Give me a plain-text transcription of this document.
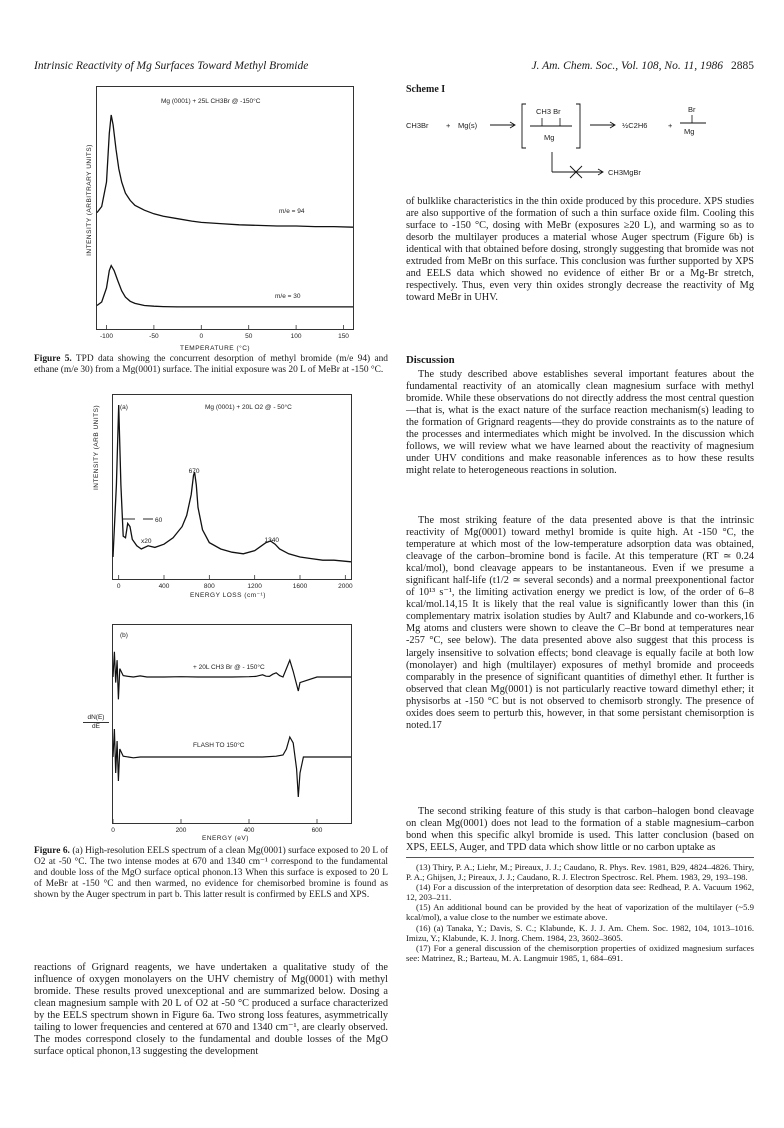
Intrinsic Reactivity of Mg Surfaces Toward Methyl Bromide	J. Am. Chem. Soc., Vol. 108, No. 11, 1986 2885
Mg (0001) + 25L CH3Br @ -150°C
m/e = 94
m/e = 30
-100	-50	0	50	100	150
TEMPERATURE (°C)
INTENSITY (ARBITRARY UNITS)
Figure 5. TPD data showing the concurrent desorption of methyl bromide (m/e 94) and ethane (m/e 30) from a Mg(0001) surface. The initial exposure was 20 L of MeBr at -150 °C.
(a)	Mg (0001) + 20L O2 @ - 50°C
670
1340
60
x20
0	400	800	1200	1600	2000
INTENSITY (ARB UNITS)
ENERGY LOSS (cm⁻¹)
(b)
+ 20L CH3 Br @ - 150°C
FLASH TO 150°C
0	200	400	600
dN(E)
dE
ENERGY (eV)
Figure 6. (a) High-resolution EELS spectrum of a clean Mg(0001) surface exposed to 20 L of O2 at -50 °C. The two intense modes at 670 and 1340 cm⁻¹ correspond to the fundamental and double loss of the MgO surface optical phonon.13 When this surface is exposed to 20 L of MeBr at -150 °C and then warmed, no evidence for chemisorbed bromine is found as shown by the Auger spectrum in part b. This latter result is confirmed by EELS and XPS.
reactions of Grignard reagents, we have undertaken a qualitative study of the influence of oxygen monolayers on the UHV chemistry of Mg(0001) with methyl bromide. These results proved unexceptional and are summarized below. Dosing a clean magnesium sample with 20 L of O2 at -50 °C produced a surface characterized by the EELS spectrum shown in Figure 6a. Two strong loss features, asymmetrically tailing to lower frequencies and centered at 670 and 1340 cm⁻¹, are clearly observed. The modes correspond closely to the fundamental and double losses of the MgO surface optical phonon,13 suggesting the development
Scheme I
CH3Br + Mg(s)
CH3 Br
Mg
½C2H6	+
Br
Mg
CH3MgBr
of bulklike characteristics in the thin oxide produced by this procedure. XPS studies are also supportive of the formation of such a thin surface oxide film. Cooling this surface to -150 °C, dosing with MeBr (exposures ≥20 L), and warming so as to desorb the multilayer produces a material whose Auger spectrum (Figure 6b) is identical with that obtained before dosing, strongly suggesting that bromide was not extruded from MeBr on this surface. This conclusion was further supported by XPS and EELS data which showed no evidence of either Br or a Mg-Br stretch, respectively. Thus, even very thin oxides strongly decrease the reactivity of Mg toward MeBr in UHV.
Discussion
The study described above establishes several important features about the fundamental reactivity of an atomically clean magnesium surface with methyl bromide. While these observations do not directly address the most central question—that is, what is the exact nature of the surface reaction mechanism(s) leading to the formation of Grignard reagents—they do provide constraints as to the nature of the processes and intermediates which might be involved. In the discussion which follows, we will review what we have learned about the reactivity of magnesium under UHV conditions and make reasonable inferences as to how these results might relate to heterogeneous reactions in solution.
The most striking feature of the data presented above is that the intrinsic reactivity of Mg(0001) toward methyl bromide is quite high. At -150 °C, the temperature at which most of the low-temperature adsorption data was obtained, cleavage of the carbon–bromine bond is facile. At this temperature (RT ≃ 0.24 kcal/mol), bond cleavage appears to be instantaneous. Even if we presume a significant half-life (t1/2 ≃ several seconds) and a normal preexponentional factor of 10¹³ s⁻¹, the limiting activation energy we predict is low, of the order of 6–8 kcal/mol.14,15 It is likely that the real value is significantly lower than this (in complementary matrix isolation studies by Ault7 and Klabunde and co-workers,16 Mg atoms and clusters were shown to cleave the C–Br bond at temperatures near -257 °C, see below). The data presented above also suggest that this process is largely insensitive to solvation effects; bond cleavage is equally facile at both low (monolayer) and high (multilayer) exposures of methyl bromide and proceeds comparably in the presence of significant quantities of dimethyl ether. It further is observed that clean Mg(0001) is not particularly reactive toward dimethyl ether; it physisorbs at -150 °C but is not observed to chemisorb strongly. The presence of oxides does seem to perturb this, however, in that some persistant chemisorption is noted.17
The second striking feature of this study is that carbon–halogen bond cleavage on clean Mg(0001) does not lead to the formation of a stable magnesium–carbon bond when this specific alkyl bromide is used. This latter conclusion (based on XPS, EELS, Auger, and TPD data which show little or no carbon uptake as
(13) Thiry, P. A.; Liehr, M.; Pireaux, J. J.; Caudano, R. Phys. Rev. 1981, B29, 4824–4826. Thiry, P. A.; Ghijsen, J.; Pireaux, J. J.; Caudano, R. J. Electron Spectrosc. Rel. Phem. 1983, 29, 193–198.
(14) For a discussion of the interpretation of desorption data see: Redhead, P. A. Vacuum 1962, 12, 203–211.
(15) An additional bound can be provided by the heat of vaporization of the multilayer (~5.9 kcal/mol), a value close to the number we estimate above.
(16) (a) Tanaka, Y.; Davis, S. C.; Klabunde, K. J. J. Am. Chem. Soc. 1982, 104, 1013–1016. Imizu, Y.; Klabunde, K. J. Inorg. Chem. 1984, 23, 3602–3605.
(17) For a general discussion of the chemisorption properties of oxidized magnesium surfaces see: Matrinez, R.; Barteau, M. A. Langmuir 1985, 1, 684–691.
